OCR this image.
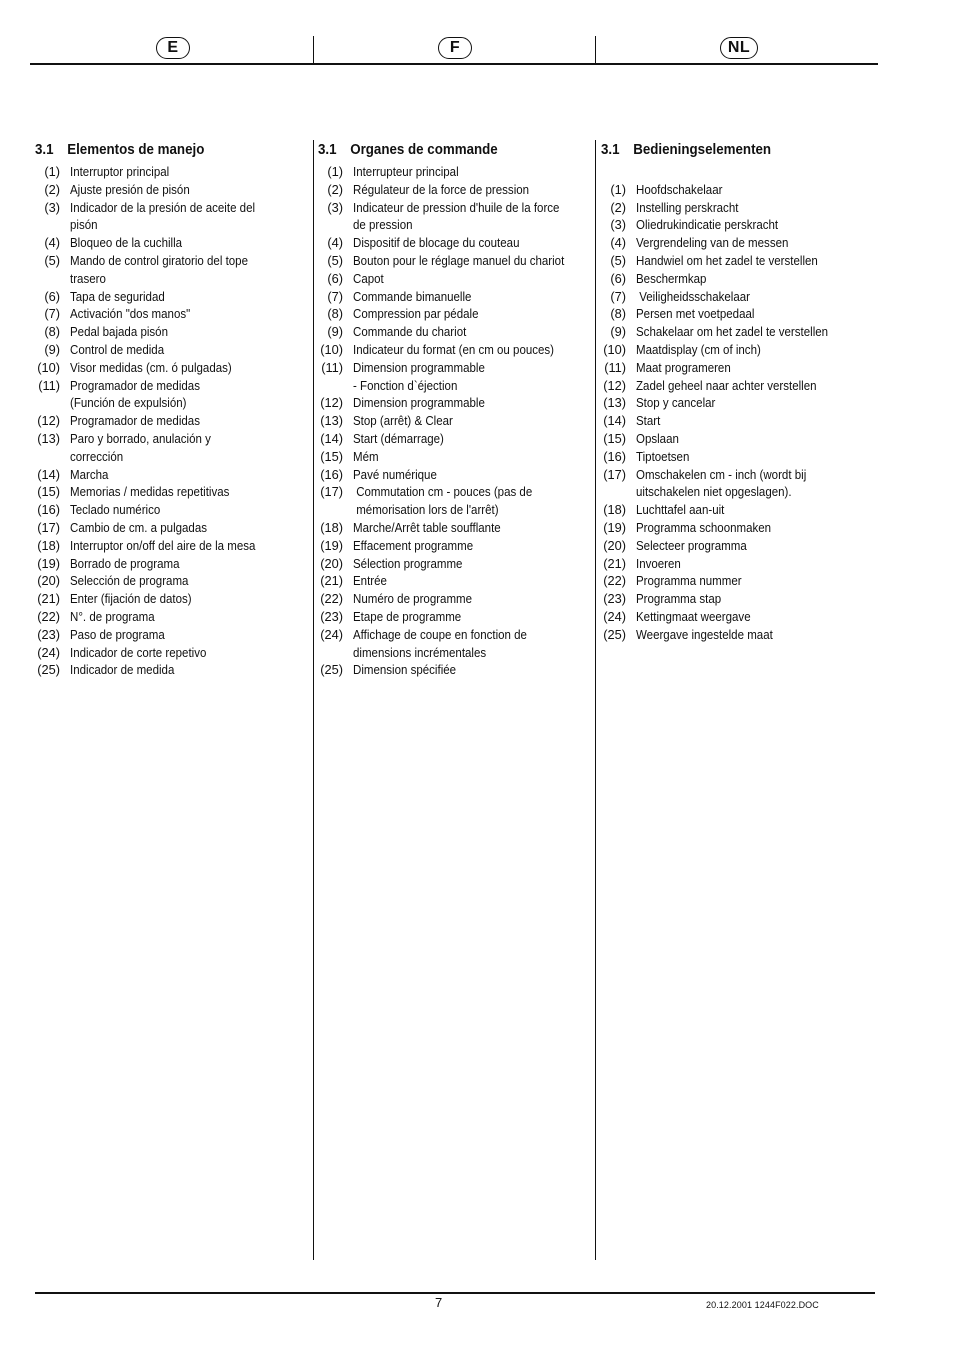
E	F	NL
3.1 Elementos de manejo
(1) Interruptor principal
(2) Ajuste presión de pisón
(3) Indicador de la presión de aceite del
pisón
(4) Bloqueo de la cuchilla
(5) Mando de control giratorio del tope
trasero
(6) Tapa de seguridad
(7) Activación "dos manos"
(8) Pedal bajada pisón
(9) Control de medida
(10) Visor medidas (cm. ó pulgadas)
(11) Programador de medidas
(Función de expulsión)
(12) Programador de medidas
(13) Paro y borrado, anulación y
corrección
(14) Marcha
(15) Memorias / medidas repetitivas
(16) Teclado numérico
(17) Cambio de cm. a pulgadas
(18) Interruptor on/off del aire de la mesa
(19) Borrado de programa
(20) Selección de programa
(21) Enter (fijación de datos)
(22) N°. de programa
(23) Paso de programa
(24) Indicador de corte repetivo
(25) Indicador de medida
3.1 Organes de commande
(1) Interrupteur principal
(2) Régulateur de la force de pression
(3) Indicateur de pression d'huile de la force
de pression
(4) Dispositif de blocage du couteau
(5) Bouton pour le réglage manuel du chariot
(6) Capot
(7) Commande bimanuelle
(8) Compression par pédale
(9) Commande du chariot
(10) Indicateur du format (en cm ou pouces)
(11) Dimension programmable
- Fonction d`éjection
(12) Dimension programmable
(13) Stop (arrêt) & Clear
(14) Start (démarrage)
(15) Mém
(16) Pavé numérique
(17) Commutation cm - pouces (pas de
mémorisation lors de l'arrêt)
(18) Marche/Arrêt table soufflante
(19) Effacement programme
(20) Sélection programme
(21) Entrée
(22) Numéro de programme
(23) Etape de programme
(24) Affichage de coupe en fonction de
dimensions incrémentales
(25) Dimension spécifiée
3.1 Bedieningselementen
(1) Hoofdschakelaar
(2) Instelling perskracht
(3) Oliedrukindicatie perskracht
(4) Vergrendeling van de messen
(5) Handwiel om het zadel te verstellen
(6) Beschermkap
(7) Veiligheidsschakelaar
(8) Persen met voetpedaal
(9) Schakelaar om het zadel te verstellen
(10) Maatdisplay (cm of inch)
(11) Maat programeren
(12) Zadel geheel naar achter verstellen
(13) Stop y cancelar
(14) Start
(15) Opslaan
(16) Tiptoetsen
(17) Omschakelen cm - inch (wordt bij
uitschakelen niet opgeslagen).
(18) Luchttafel aan-uit
(19) Programma schoonmaken
(20) Selecteer programma
(21) Invoeren
(22) Programma nummer
(23) Programma stap
(24) Kettingmaat weergave
(25) Weergave ingestelde maat
7	20.12.2001 1244F022.DOC
